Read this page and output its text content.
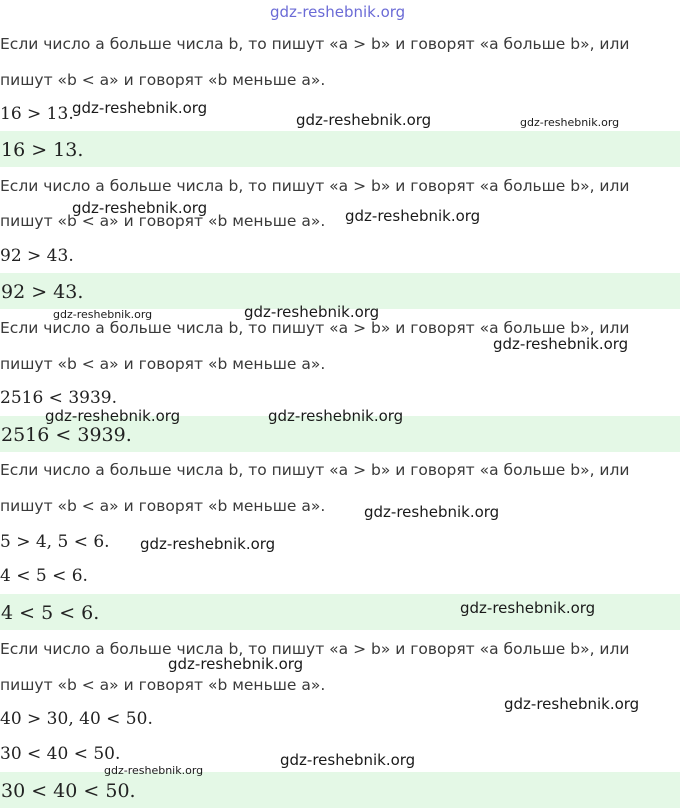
gdz-reshebnik.org
Если число a больше числа b, то пишут «a > b» и говорят «a больше b», или
пишут «b < a» и говорят «b меньше a».
16 > 13.
16 > 13.
Если число a больше числа b, то пишут «a > b» и говорят «a больше b», или
пишут «b < a» и говорят «b меньше a».
92 > 43.
92 > 43.
Если число a больше числа b, то пишут «a > b» и говорят «a больше b», или
пишут «b < a» и говорят «b меньше a».
2516 < 3939.
2516 < 3939.
Если число a больше числа b, то пишут «a > b» и говорят «a больше b», или
пишут «b < a» и говорят «b меньше a».
5 > 4, 5 < 6.
4 < 5 < 6.
4 < 5 < 6.
Если число a больше числа b, то пишут «a > b» и говорят «a больше b», или
пишут «b < a» и говорят «b меньше a».
40 > 30, 40 < 50.
30 < 40 < 50.
30 < 40 < 50.
gdz-reshebnik.org
gdz-reshebnik.org	gdz-reshebnik.org
gdz-reshebnik.org	gdz-reshebnik.org
gdz-reshebnik.org	gdz-reshebnik.org
gdz-reshebnik.org
gdz-reshebnik.org	gdz-reshebnik.org
gdz-reshebnik.org
gdz-reshebnik.org
gdz-reshebnik.org
gdz-reshebnik.org
gdz-reshebnik.org
gdz-reshebnik.org
gdz-reshebnik.org
